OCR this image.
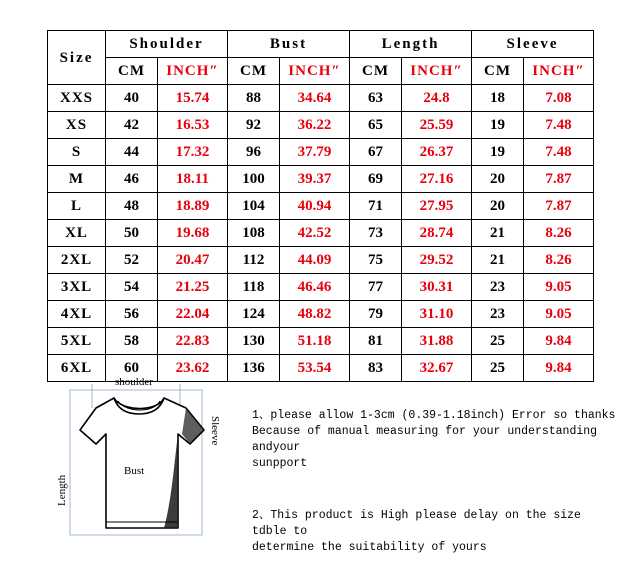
Size	Shoulder		Bust		Length		Sleeve	
	CM	INCH″	CM	INCH″	CM	INCH″	CM	INCH″
XXS	40	15.74	88	34.64	63	24.8	18	7.08
XS	42	16.53	92	36.22	65	25.59	19	7.48
S	44	17.32	96	37.79	67	26.37	19	7.48
M	46	18.11	100	39.37	69	27.16	20	7.87
L	48	18.89	104	40.94	71	27.95	20	7.87
XL	50	19.68	108	42.52	73	28.74	21	8.26
2XL	52	20.47	112	44.09	75	29.52	21	8.26
3XL	54	21.25	118	46.46	77	30.31	23	9.05
4XL	56	22.04	124	48.82	79	31.10	23	9.05
5XL	58	22.83	130	51.18	81	31.88	25	9.84
6XL	60	23.62	136	53.54	83	32.67	25	9.84
shoulder
Bust
Sleeve
Length
1、please allow 1-3cm (0.39-1.18inch) Error so thanks
Because of manual measuring for your understanding andyour
sunpport
2、This product is High please delay on the size tdble to
determine the suitability of yours
